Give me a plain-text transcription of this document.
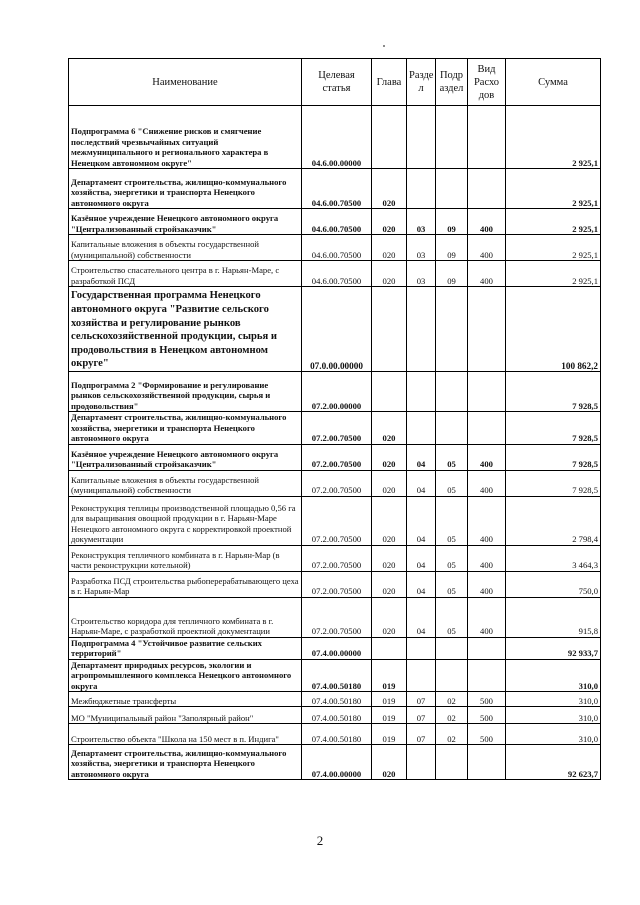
Наименование	Целевая статья	Глава	Разде л	Подр аздел	Вид Расхо дов	Сумма
Подпрограмма 6 "Снижение рисков и смягчение последствий чрезвычайных ситуаций межмуниципального и регионального характера в Ненецком автономном округе"	04.6.00.00000					2 925,1
Департамент строительства, жилищно-коммунального хозяйства, энергетики и транспорта Ненецкого автономного округа	04.6.00.70500	020				2 925,1
Казённое учреждение Ненецкого автономного округа "Централизованный стройзаказчик"	04.6.00.70500	020	03	09	400	2 925,1
Капитальные вложения в объекты государственной (муниципальной) собственности	04.6.00.70500	020	03	09	400	2 925,1
Строительство спасательного центра в г. Нарьян-Маре, с разработкой ПСД	04.6.00.70500	020	03	09	400	2 925,1
Государственная программа Ненецкого автономного округа "Развитие сельского хозяйства и регулирование рынков сельскохозяйственной продукции, сырья и продовольствия в Ненецком автономном округе"	07.0.00.00000					100 862,2
Подпрограмма 2 "Формирование и регулирование рынков сельскохозяйственной продукции, сырья и продовольствия"	07.2.00.00000					7 928,5
Департамент строительства, жилищно-коммунального хозяйства, энергетики и транспорта Ненецкого автономного округа	07.2.00.70500	020				7 928,5
Казённое учреждение Ненецкого автономного округа "Централизованный стройзаказчик"	07.2.00.70500	020	04	05	400	7 928,5
Капитальные вложения в объекты государственной (муниципальной) собственности	07.2.00.70500	020	04	05	400	7 928,5
Реконструкция теплицы производственной площадью 0,56 га для выращивания овощной продукции в г. Нарьян-Маре Ненецкого автономного округа с корректировкой проектной документации	07.2.00.70500	020	04	05	400	2 798,4
Реконструкция тепличного комбината в г. Нарьян-Мар (в части реконструкции котельной)	07.2.00.70500	020	04	05	400	3 464,3
Разработка ПСД строительства рыбоперерабатывающего цеха в г. Нарьян-Мар	07.2.00.70500	020	04	05	400	750,0
Строительство коридора для тепличного комбината в г. Нарьян-Маре, с разработкой проектной документации	07.2.00.70500	020	04	05	400	915,8
Подпрограмма 4 "Устойчивое развитие сельских территорий"	07.4.00.00000					92 933,7
Департамент природных ресурсов, экологии и агропромышленного комплекса Ненецкого автономного округа	07.4.00.50180	019				310,0
Межбюджетные трансферты	07.4.00.50180	019	07	02	500	310,0
МО "Муниципальный район "Заполярный район"	07.4.00.50180	019	07	02	500	310,0
Строительство объекта "Школа на 150 мест в п. Индига"	07.4.00.50180	019	07	02	500	310,0
Департамент строительства, жилищно-коммунального хозяйства, энергетики и транспорта Ненецкого автономного округа	07.4.00.00000	020				92 623,7
2
